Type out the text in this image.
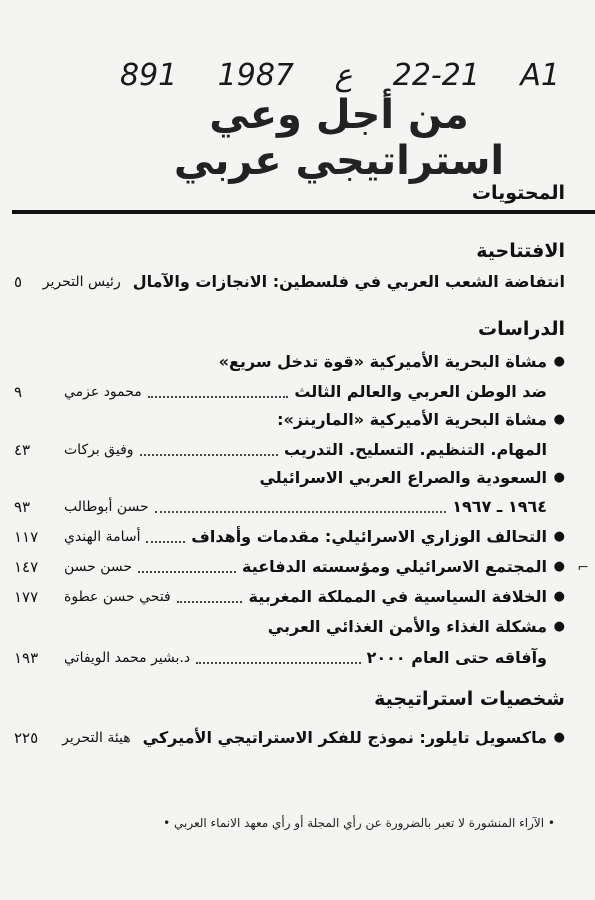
891 1987 ع 22-21 A1
من أجل وعي استراتيجي عربي
المحتويات
الافتتاحية
انتفاضة الشعب العربي في فلسطين: الانجازات والآمال
رئيس التحرير
٥
الدراسات
●
مشاة البحرية الأميركية «قوة تدخل سريع»
ضد الوطن العربي والعالم الثالث
محمود عزمي
٩
●
مشاة البحرية الأميركية «المارينز»:
المهام. التنظيم. التسليح. التدريب
وفيق بركات
٤٣
●
السعودية والصراع العربي الاسرائيلي
١٩٦٤ ـ ١٩٦٧
حسن أبوطالب
٩٣
●
التحالف الوزاري الاسرائيلي: مقدمات وأهداف
أسامة الهندي
١١٧
●
المجتمع الاسرائيلي ومؤسسته الدفاعية
حسن حسن
١٤٧
●
الخلافة السياسية في المملكة المغربية
فتحي حسن عطوة
١٧٧
●
مشكلة الغذاء والأمن الغذائي العربي
وآفاقه حتى العام ٢٠٠٠
د.بشير محمد الويفاتي
١٩٣
شخصيات استراتيجية
●
ماكسويل تايلور: نموذج للفكر الاستراتيجي الأميركي
هيئة التحرير
٢٢٥
⌐
• الآراء المنشورة لا تعبر بالضرورة عن رأي المجلة أو رأي معهد الانماء العربي •
